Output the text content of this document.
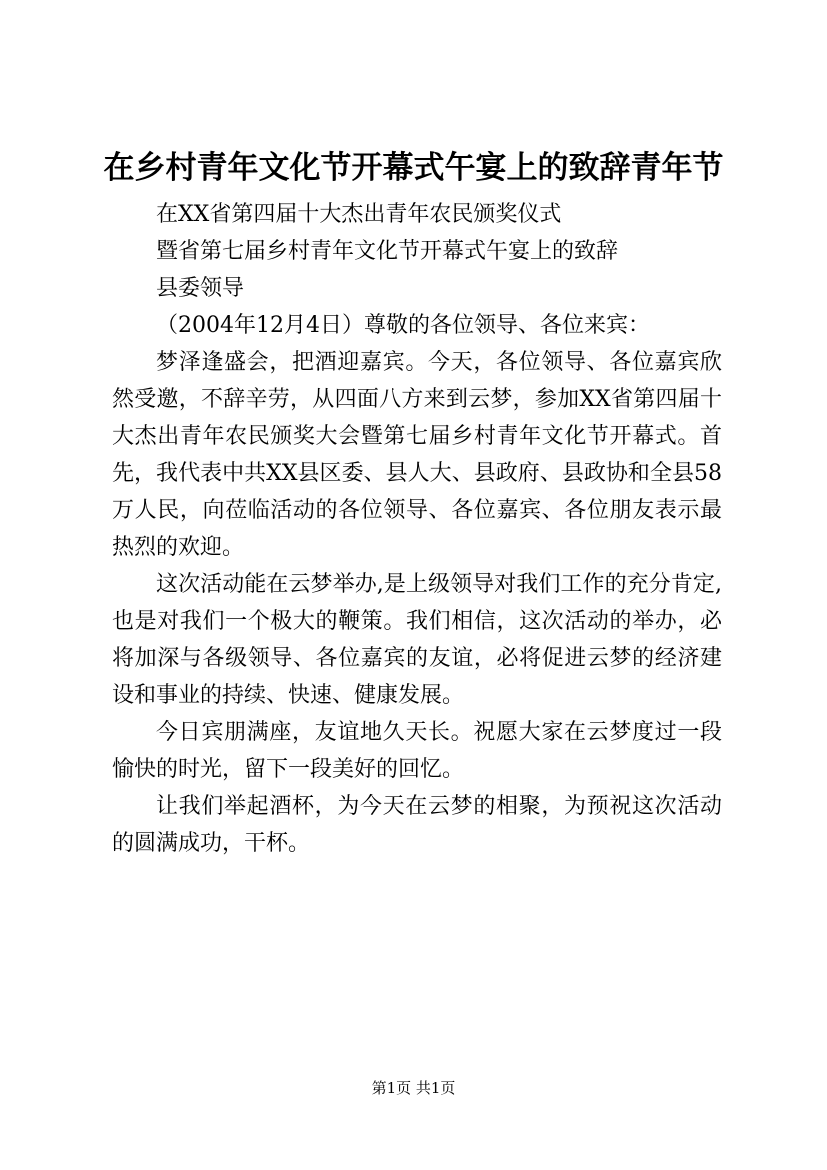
在乡村青年文化节开幕式午宴上的致辞青年节

在XX省第四届十大杰出青年农民颁奖仪式

暨省第七届乡村青年文化节开幕式午宴上的致辞

县委领导

（2004年12月4日）尊敬的各位领导、各位来宾：

梦泽逢盛会，把酒迎嘉宾。今天，各位领导、各位嘉宾欣然受邀，不辞辛劳，从四面八方来到云梦，参加XX省第四届十大杰出青年农民颁奖大会暨第七届乡村青年文化节开幕式。首先，我代表中共XX县区委、县人大、县政府、县政协和全县58万人民，向莅临活动的各位领导、各位嘉宾、各位朋友表示最热烈的欢迎。

这次活动能在云梦举办,是上级领导对我们工作的充分肯定,也是对我们一个极大的鞭策。我们相信，这次活动的举办，必将加深与各级领导、各位嘉宾的友谊，必将促进云梦的经济建设和事业的持续、快速、健康发展。

今日宾朋满座，友谊地久天长。祝愿大家在云梦度过一段愉快的时光，留下一段美好的回忆。

让我们举起酒杯，为今天在云梦的相聚，为预祝这次活动的圆满成功，干杯。

第1页 共1页
